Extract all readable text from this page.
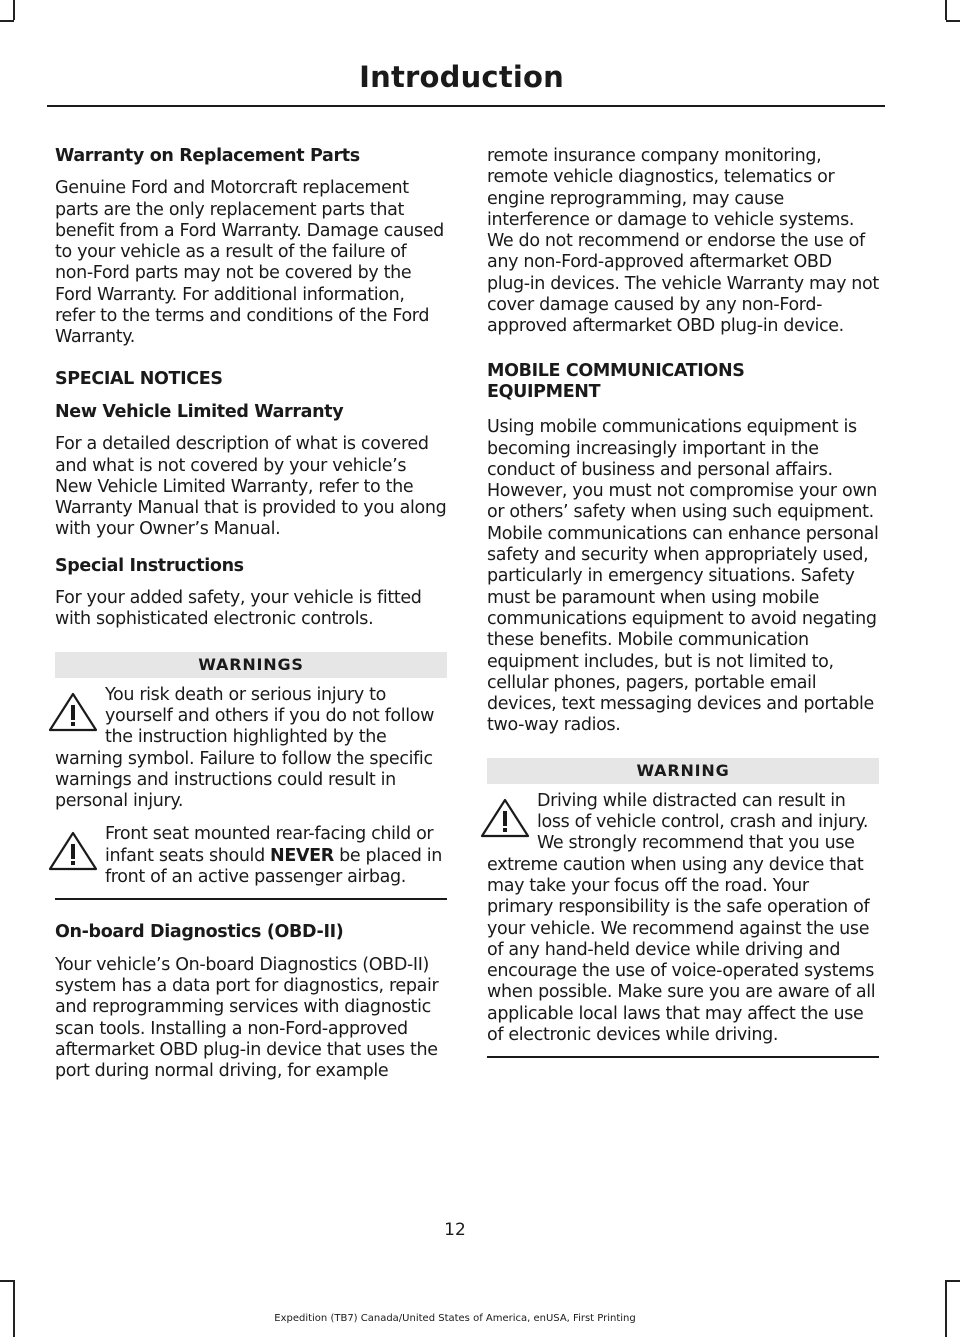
Introduction

Warranty on Replacement Parts

Genuine Ford and Motorcraft replacement parts are the only replacement parts that benefit from a Ford Warranty. Damage caused to your vehicle as a result of the failure of non-Ford parts may not be covered by the Ford Warranty. For additional information, refer to the terms and conditions of the Ford Warranty.

SPECIAL NOTICES

New Vehicle Limited Warranty

For a detailed description of what is covered and what is not covered by your vehicle’s New Vehicle Limited Warranty, refer to the Warranty Manual that is provided to you along with your Owner’s Manual.

Special Instructions

For your added safety, your vehicle is fitted with sophisticated electronic controls.

WARNINGS
You risk death or serious injury to yourself and others if you do not follow the instruction highlighted by the warning symbol. Failure to follow the specific warnings and instructions could result in personal injury.
Front seat mounted rear-facing child or infant seats should NEVER be placed in front of an active passenger airbag.

On-board Diagnostics (OBD-II)

Your vehicle’s On-board Diagnostics (OBD-II) system has a data port for diagnostics, repair and reprogramming services with diagnostic scan tools. Installing a non-Ford-approved aftermarket OBD plug-in device that uses the port during normal driving, for example

remote insurance company monitoring, remote vehicle diagnostics, telematics or engine reprogramming, may cause interference or damage to vehicle systems. We do not recommend or endorse the use of any non-Ford-approved aftermarket OBD plug-in devices. The vehicle Warranty may not cover damage caused by any non-Ford-approved aftermarket OBD plug-in device.

MOBILE COMMUNICATIONS
EQUIPMENT

Using mobile communications equipment is becoming increasingly important in the conduct of business and personal affairs. However, you must not compromise your own or others’ safety when using such equipment. Mobile communications can enhance personal safety and security when appropriately used, particularly in emergency situations. Safety must be paramount when using mobile communications equipment to avoid negating these benefits. Mobile communication equipment includes, but is not limited to, cellular phones, pagers, portable email devices, text messaging devices and portable two-way radios.

WARNING
Driving while distracted can result in loss of vehicle control, crash and injury. We strongly recommend that you use extreme caution when using any device that may take your focus off the road. Your primary responsibility is the safe operation of your vehicle. We recommend against the use of any hand-held device while driving and encourage the use of voice-operated systems when possible. Make sure you are aware of all applicable local laws that may affect the use of electronic devices while driving.
12
Expedition (TB7) Canada/United States of America, enUSA, First Printing
